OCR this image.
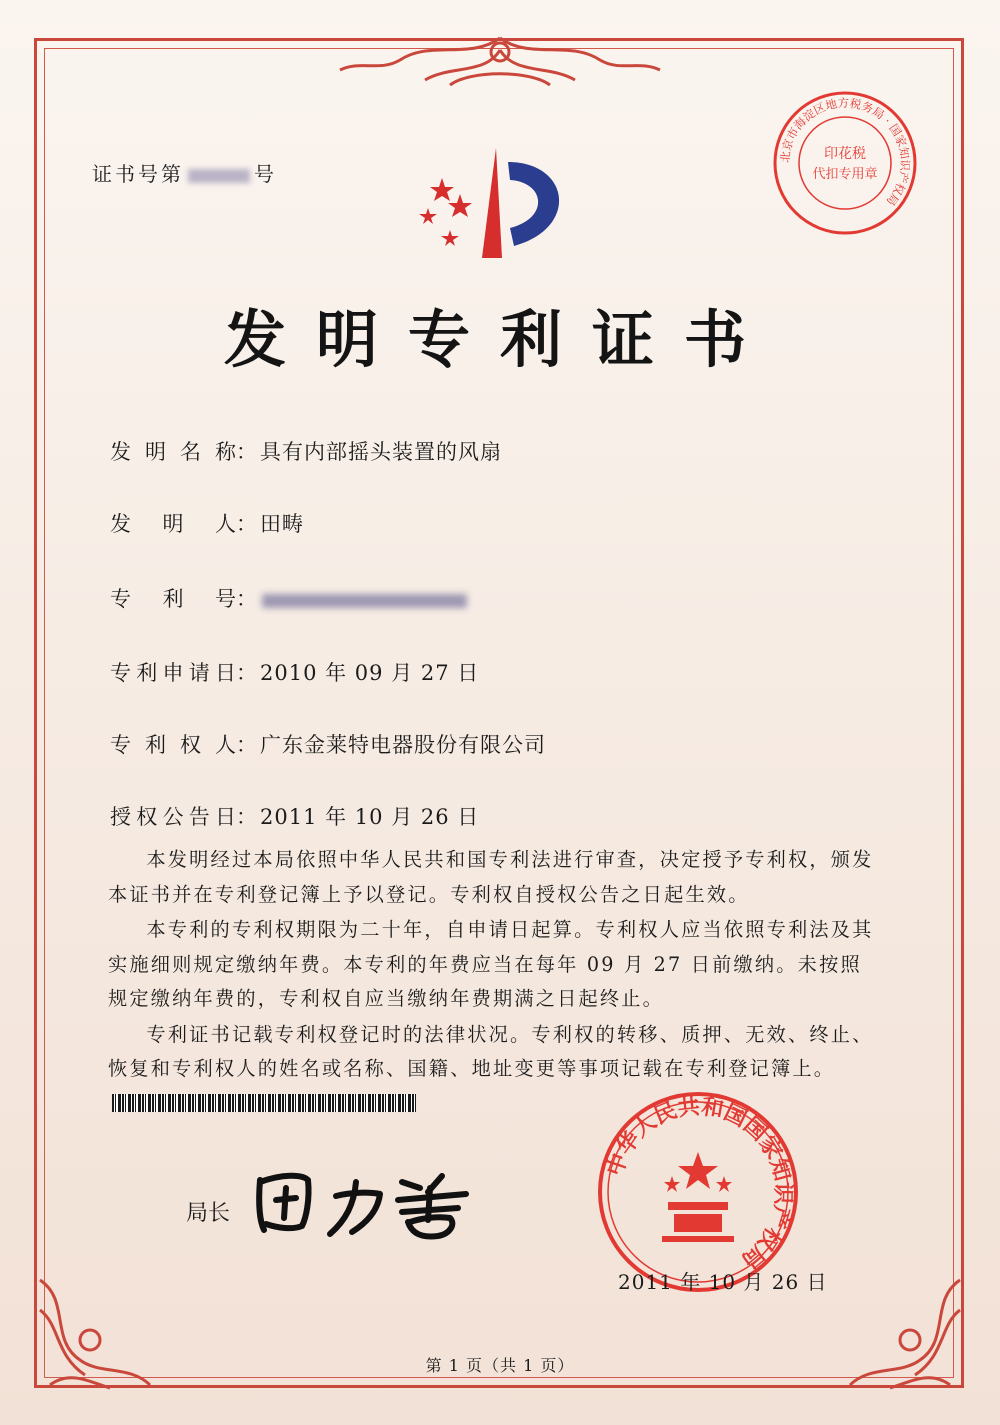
证书号第	号
发明专利证书
发明名称：具有内部摇头装置的风扇
发明人：田畴
专利号：
专利申请日：2010 年 09 月 27 日
专利权人：广东金莱特电器股份有限公司
授权公告日：2011 年 10 月 26 日

本发明经过本局依照中华人民共和国专利法进行审查，决定授予专利权，颁发本证书并在专利登记簿上予以登记。专利权自授权公告之日起生效。

本专利的专利权期限为二十年，自申请日起算。专利权人应当依照专利法及其实施细则规定缴纳年费。本专利的年费应当在每年 09 月 27 日前缴纳。未按照规定缴纳年费的，专利权自应当缴纳年费期满之日起终止。

专利证书记载专利权登记时的法律状况。专利权的转移、质押、无效、终止、恢复和专利权人的姓名或名称、国籍、地址变更等事项记载在专利登记簿上。

局长
中华人民共和国国家知识产权局
北京市海淀区地方税务局 · 国家知识产权局
印花税
代扣专用章
2011 年 10 月 26 日
第 1 页（共 1 页）
